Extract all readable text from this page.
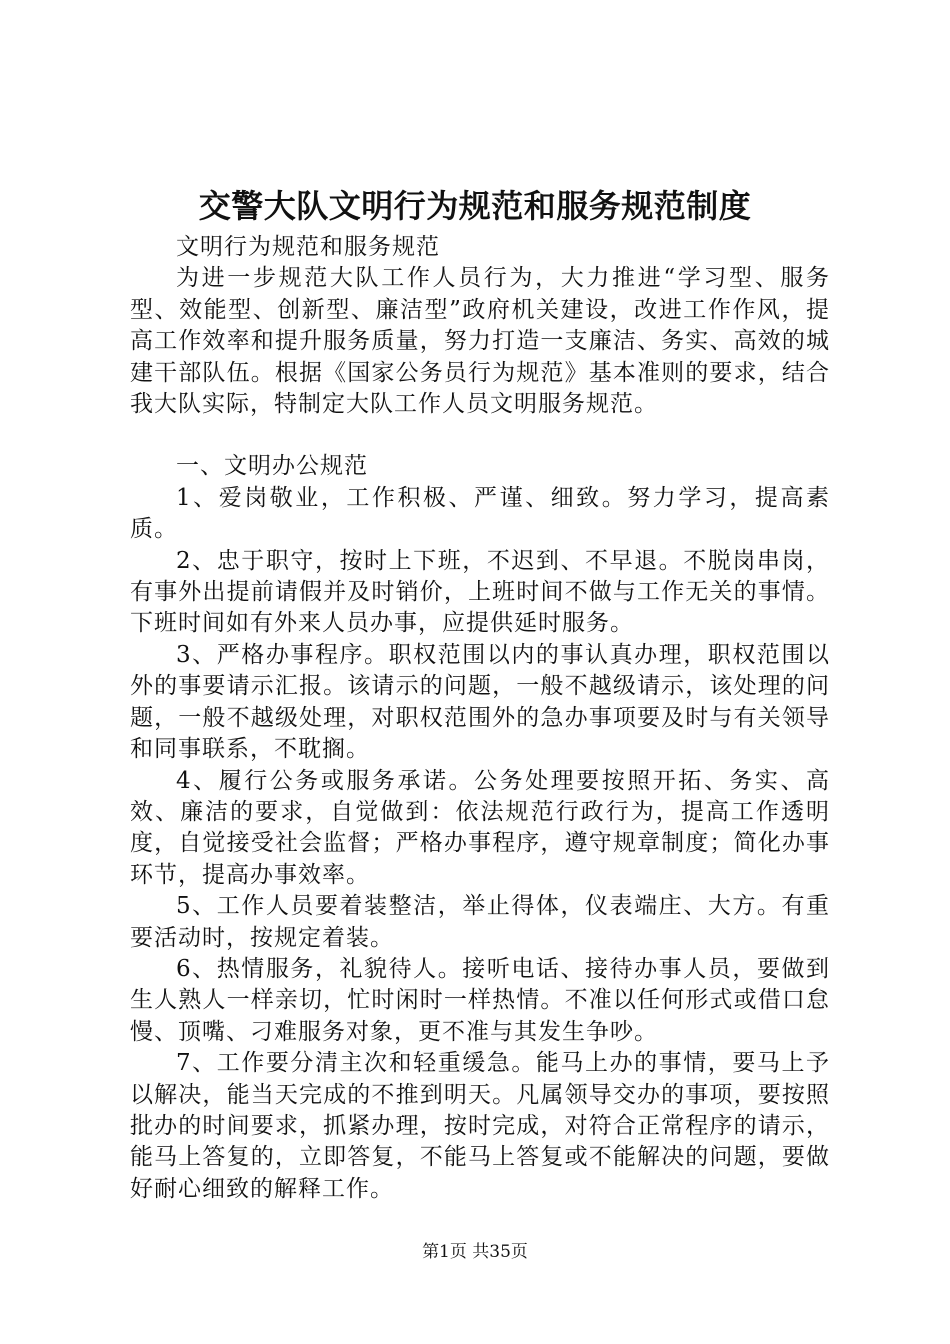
交警大队文明行为规范和服务规范制度

文明行为规范和服务规范

为进一步规范大队工作人员行为，大力推进“学习型、服务型、效能型、创新型、廉洁型”政府机关建设，改进工作作风，提高工作效率和提升服务质量，努力打造一支廉洁、务实、高效的城建干部队伍。根据《国家公务员行为规范》基本准则的要求，结合我大队实际，特制定大队工作人员文明服务规范。

一、文明办公规范

1、爱岗敬业，工作积极、严谨、细致。努力学习，提高素质。

2、忠于职守，按时上下班，不迟到、不早退。不脱岗串岗，有事外出提前请假并及时销价，上班时间不做与工作无关的事情。下班时间如有外来人员办事，应提供延时服务。

3、严格办事程序。职权范围以内的事认真办理，职权范围以外的事要请示汇报。该请示的问题，一般不越级请示，该处理的问题，一般不越级处理，对职权范围外的急办事项要及时与有关领导和同事联系，不耽搁。

4、履行公务或服务承诺。公务处理要按照开拓、务实、高效、廉洁的要求，自觉做到：依法规范行政行为，提高工作透明度，自觉接受社会监督；严格办事程序，遵守规章制度；简化办事环节，提高办事效率。

5、工作人员要着装整洁，举止得体，仪表端庄、大方。有重要活动时，按规定着装。

6、热情服务，礼貌待人。接听电话、接待办事人员，要做到生人熟人一样亲切，忙时闲时一样热情。不准以任何形式或借口怠慢、顶嘴、刁难服务对象，更不准与其发生争吵。

7、工作要分清主次和轻重缓急。能马上办的事情，要马上予以解决，能当天完成的不推到明天。凡属领导交办的事项，要按照批办的时间要求，抓紧办理，按时完成，对符合正常程序的请示，能马上答复的，立即答复，不能马上答复或不能解决的问题，要做好耐心细致的解释工作。

第1页 共35页
